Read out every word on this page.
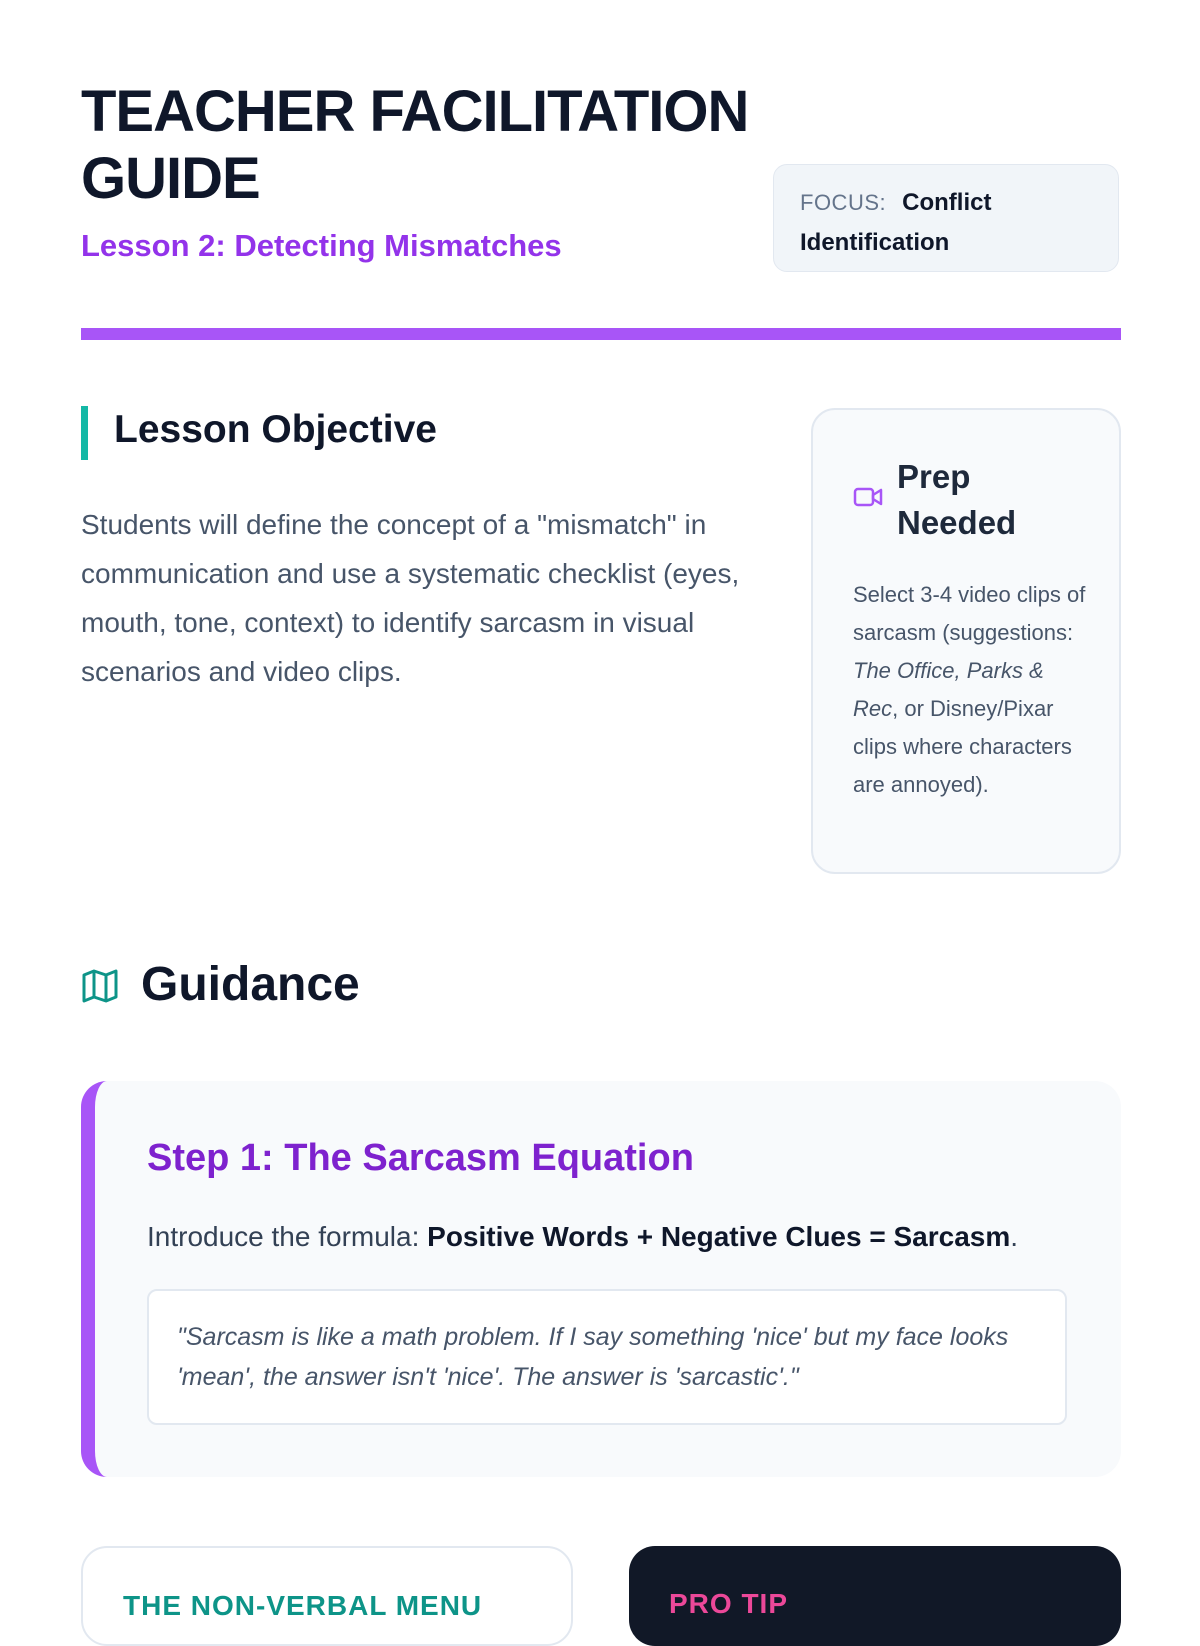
TEACHER FACILITATION GUIDE
Lesson 2: Detecting Mismatches
FOCUS: Conflict Identification
Lesson Objective
Students will define the concept of a "mismatch" in communication and use a systematic checklist (eyes, mouth, tone, context) to identify sarcasm in visual scenarios and video clips.
Prep Needed
Select 3-4 video clips of sarcasm (suggestions: The Office, Parks & Rec, or Disney/Pixar clips where characters are annoyed).
Guidance
Step 1: The Sarcasm Equation
Introduce the formula: Positive Words + Negative Clues = Sarcasm.
"Sarcasm is like a math problem. If I say something 'nice' but my face looks 'mean', the answer isn't 'nice'. The answer is 'sarcastic'."
THE NON-VERBAL MENU	PRO TIP
